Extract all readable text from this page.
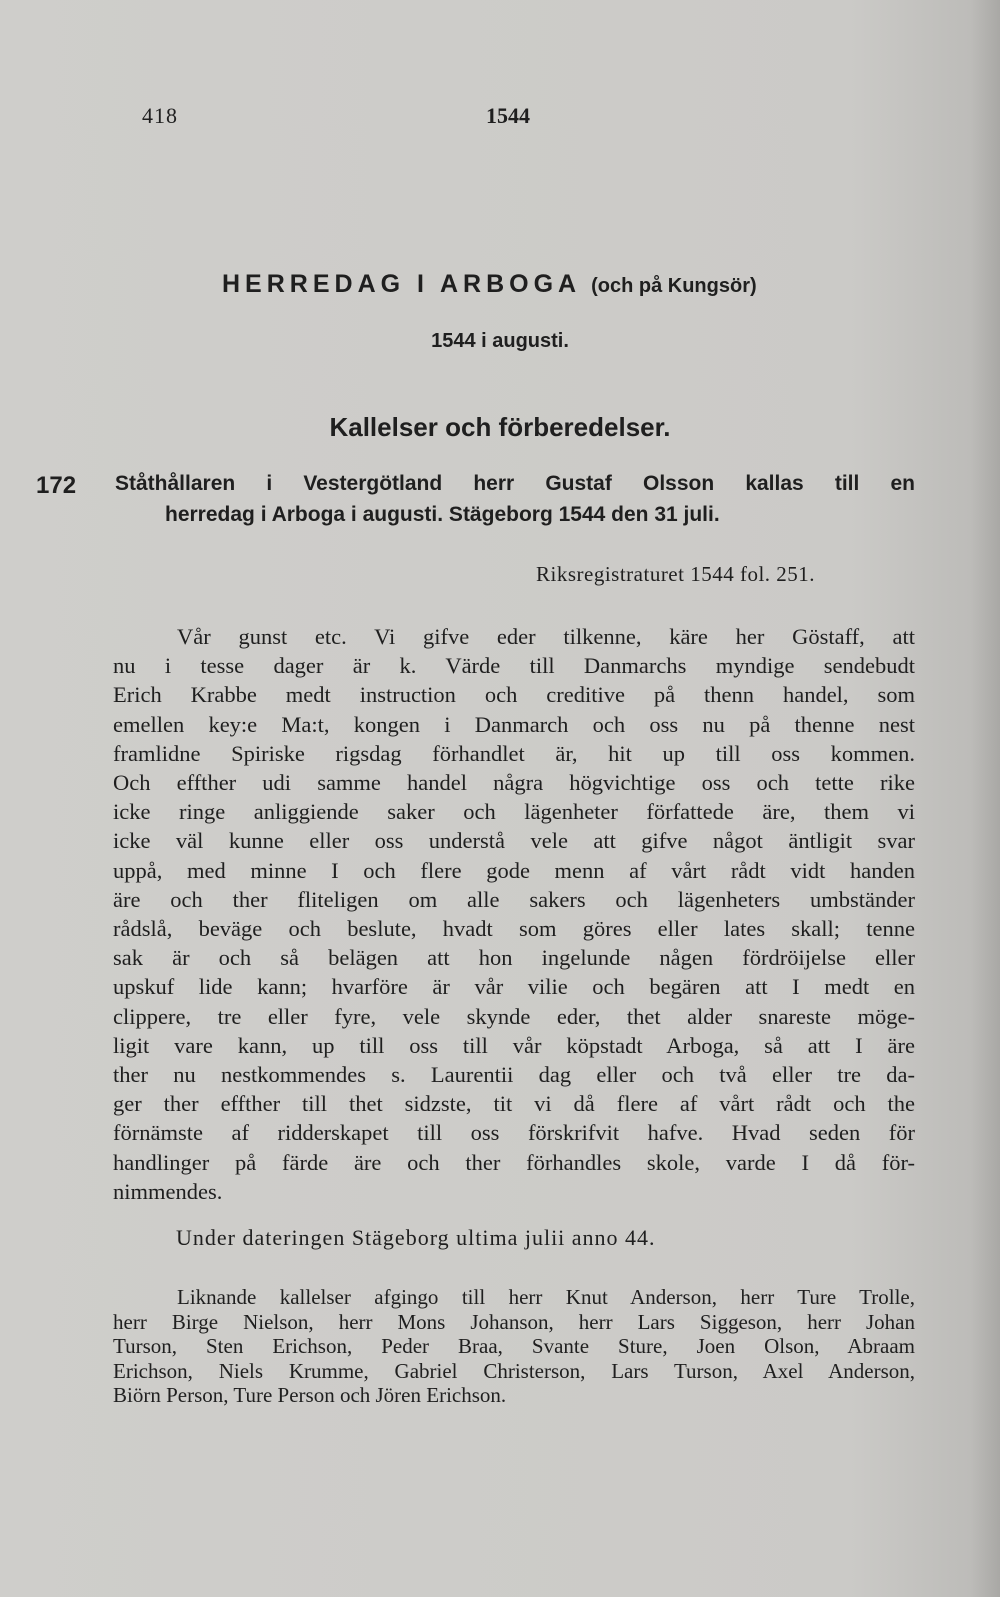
418	1544
HERREDAG I ARBOGA (och på Kungsör)
1544 i augusti.
Kallelser och förberedelser.
172 Ståthållaren i Vestergötland herr Gustaf Olsson kallas till en
herredag i Arboga i augusti. Stägeborg 1544 den 31 juli.
Riksregistraturet 1544 fol. 251.
Vår gunst etc. Vi gifve eder tilkenne, käre her Göstaff, att
nu i tesse dager är k. Värde till Danmarchs myndige sendebudt
Erich Krabbe medt instruction och creditive på thenn handel, som
emellen key:e Ma:t, kongen i Danmarch och oss nu på thenne nest
framlidne Spiriske rigsdag förhandlet är, hit up till oss kommen.
Och effther udi samme handel några högvichtige oss och tette rike
icke ringe anliggiende saker och lägenheter författede äre, them vi
icke väl kunne eller oss understå vele att gifve något äntligit svar
uppå, med minne I och flere gode menn af vårt rådt vidt handen
äre och ther fliteligen om alle sakers och lägenheters umbständer
rådslå, beväge och beslute, hvadt som göres eller lates skall; tenne
sak är och så belägen att hon ingelunde någen fördröijelse eller
upskuf lide kann; hvarföre är vår vilie och begären att I medt en
clippere, tre eller fyre, vele skynde eder, thet alder snareste möge-
ligit vare kann, up till oss till vår köpstadt Arboga, så att I äre
ther nu nestkommendes s. Laurentii dag eller och två eller tre da-
ger ther effther till thet sidzste, tit vi då flere af vårt rådt och the
förnämste af ridderskapet till oss förskrifvit hafve. Hvad seden för
handlinger på färde äre och ther förhandles skole, varde I då för-
nimmendes.
Under dateringen Stägeborg ultima julii anno 44.
Liknande kallelser afgingo till herr Knut Anderson, herr Ture Trolle,
herr Birge Nielson, herr Mons Johanson, herr Lars Siggeson, herr Johan
Turson, Sten Erichson, Peder Braa, Svante Sture, Joen Olson, Abraam
Erichson, Niels Krumme, Gabriel Christerson, Lars Turson, Axel Anderson,
Biörn Person, Ture Person och Jören Erichson.
